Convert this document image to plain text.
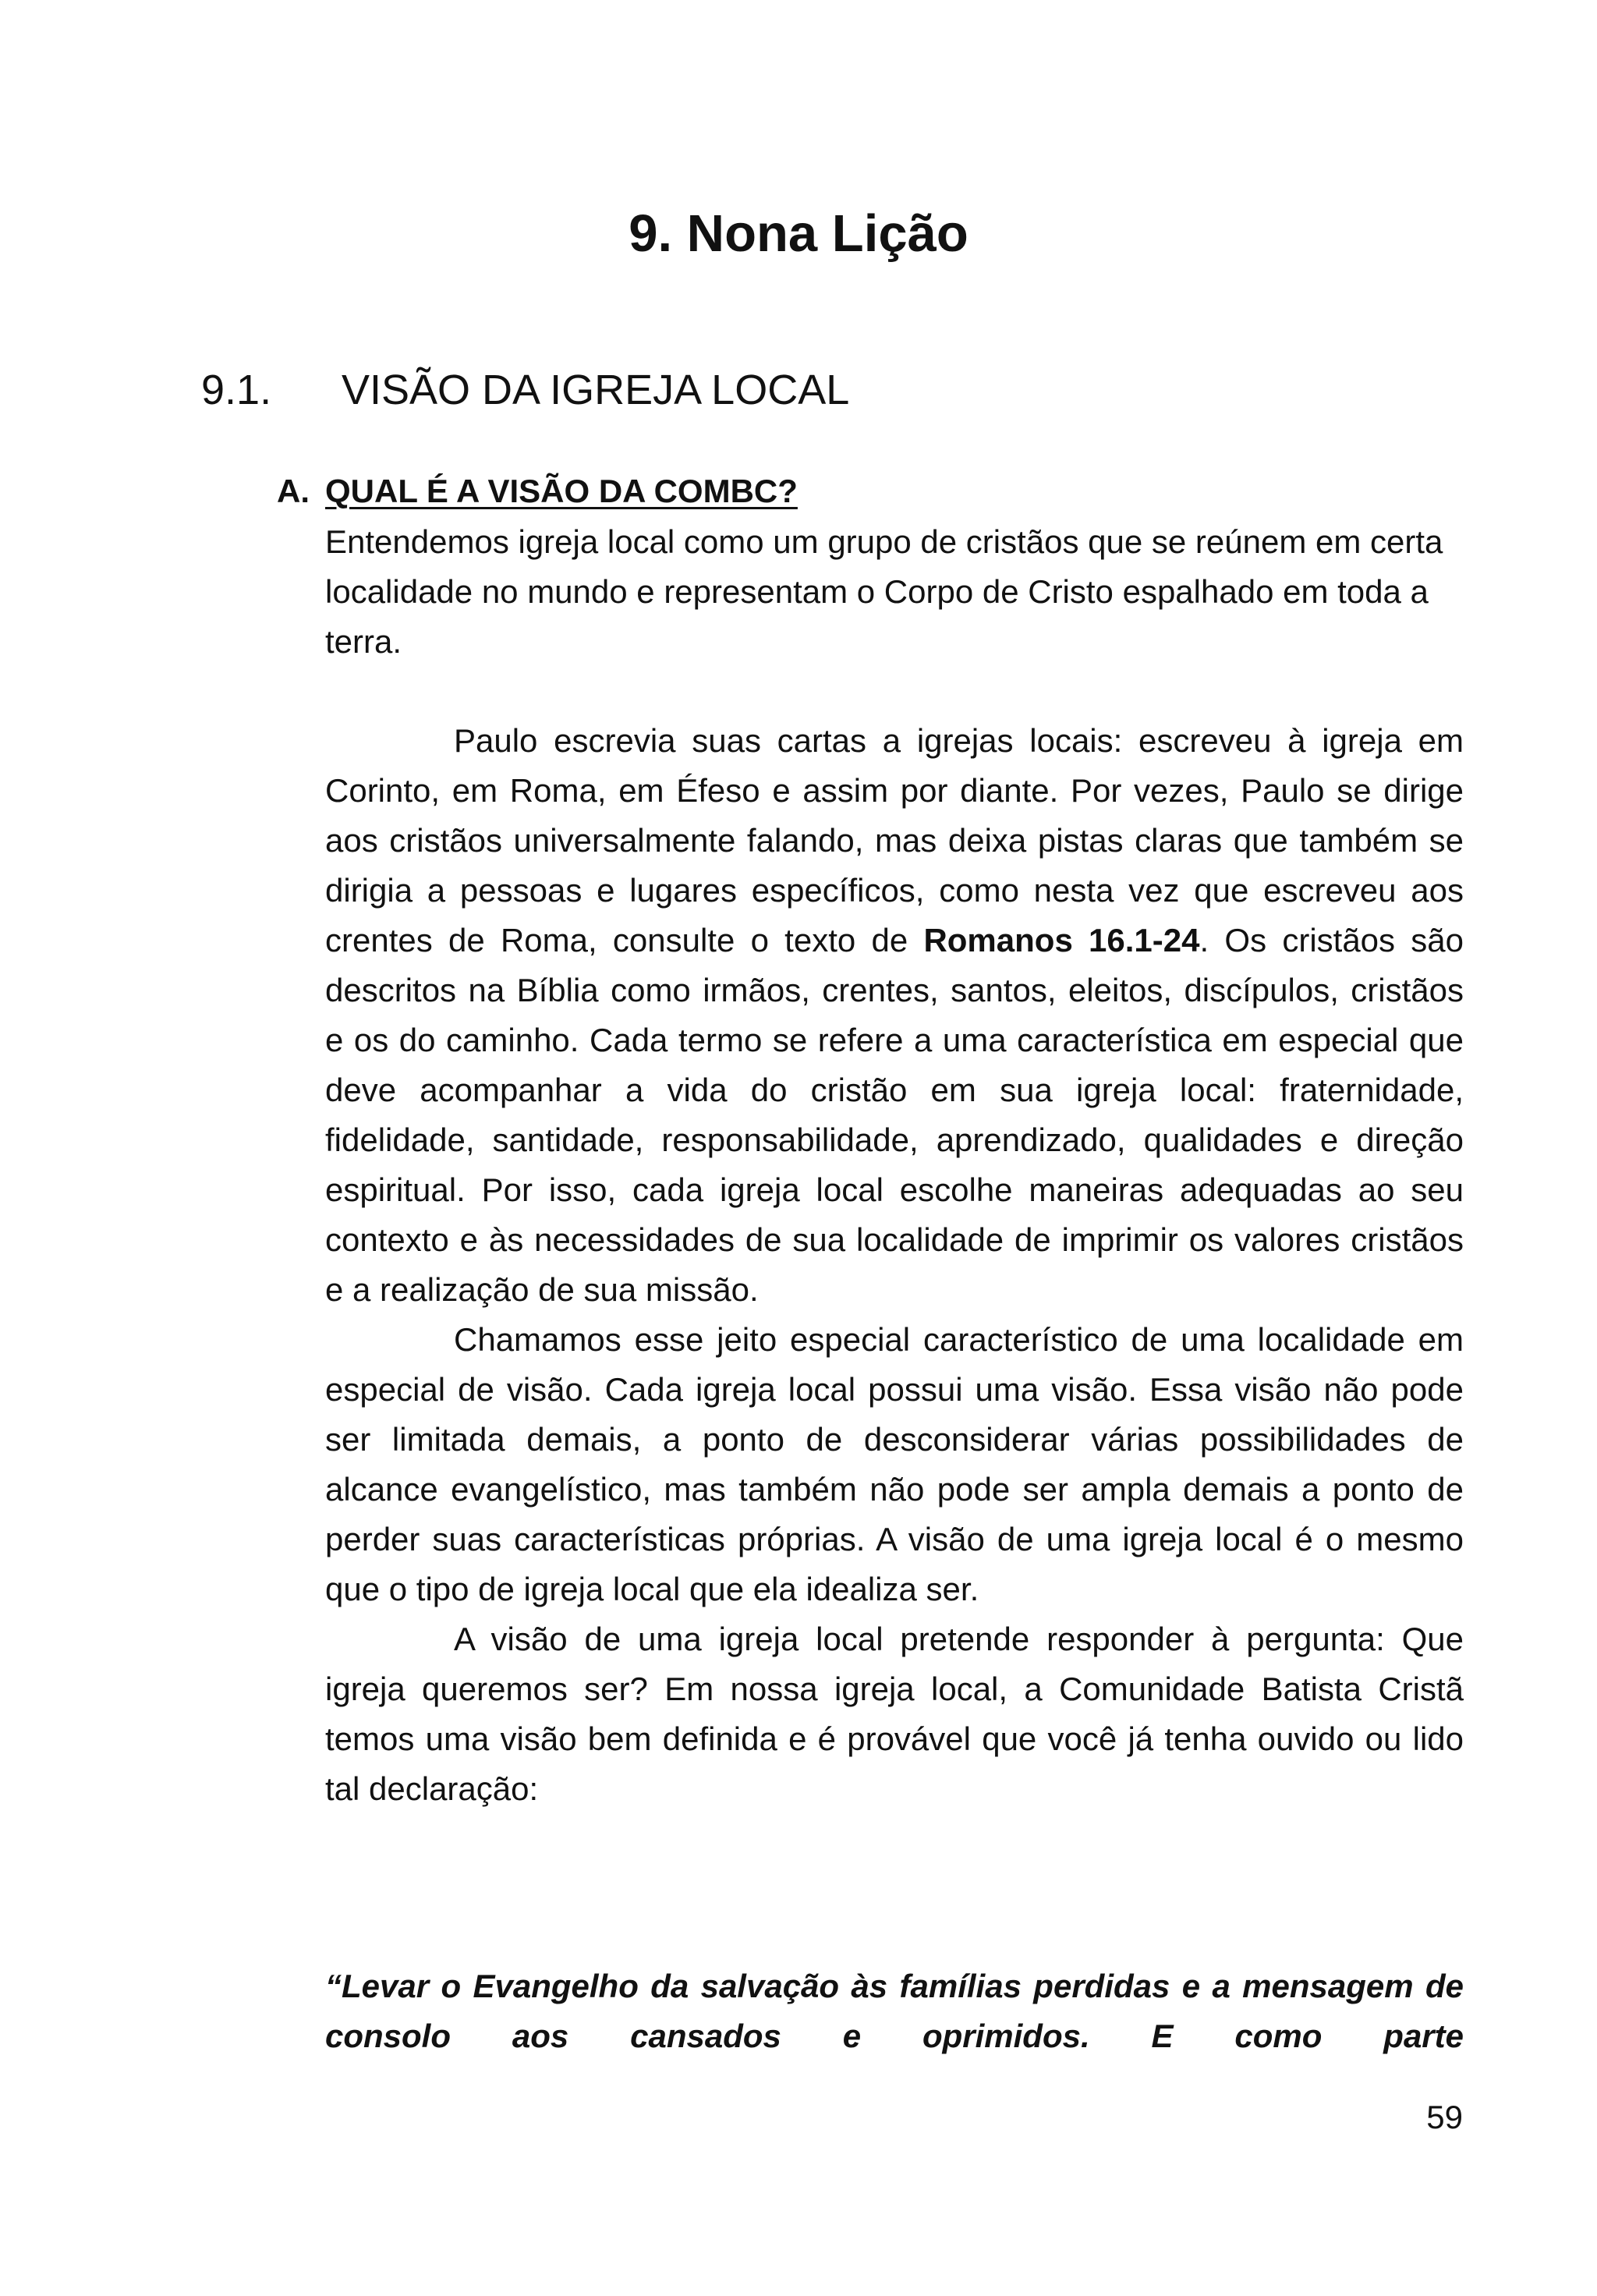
9. Nona Lição
9.1. VISÃO DA IGREJA LOCAL
A. QUAL É A VISÃO DA COMBC?

Entendemos igreja local como um grupo de cristãos que se reúnem em certa localidade no mundo e representam o Corpo de Cristo espalhado em toda a terra.

Paulo escrevia suas cartas a igrejas locais: escreveu à igreja em Corinto, em Roma, em Éfeso e assim por diante. Por vezes, Paulo se dirige aos cristãos universalmente falando, mas deixa pistas claras que também se dirigia a pessoas e lugares específicos, como nesta vez que escreveu aos crentes de Roma, consulte o texto de Romanos 16.1-24. Os cristãos são descritos na Bíblia como irmãos, crentes, santos, eleitos, discípulos, cristãos e os do caminho. Cada termo se refere a uma característica em especial que deve acompanhar a vida do cristão em sua igreja local: fraternidade, fidelidade, santidade, responsabilidade, aprendizado, qualidades e direção espiritual. Por isso, cada igreja local escolhe maneiras adequadas ao seu contexto e às necessidades de sua localidade de imprimir os valores cristãos e a realização de sua missão.

Chamamos esse jeito especial característico de uma localidade em especial de visão. Cada igreja local possui uma visão. Essa visão não pode ser limitada demais, a ponto de desconsiderar várias possibilidades de alcance evangelístico, mas também não pode ser ampla demais a ponto de perder suas características próprias. A visão de uma igreja local é o mesmo que o tipo de igreja local que ela idealiza ser.

A visão de uma igreja local pretende responder à pergunta: Que igreja queremos ser? Em nossa igreja local, a Comunidade Batista Cristã temos uma visão bem definida e é provável que você já tenha ouvido ou lido tal declaração:

“Levar o Evangelho da salvação às famílias perdidas e a mensagem de consolo aos cansados e oprimidos. E como parte
59
